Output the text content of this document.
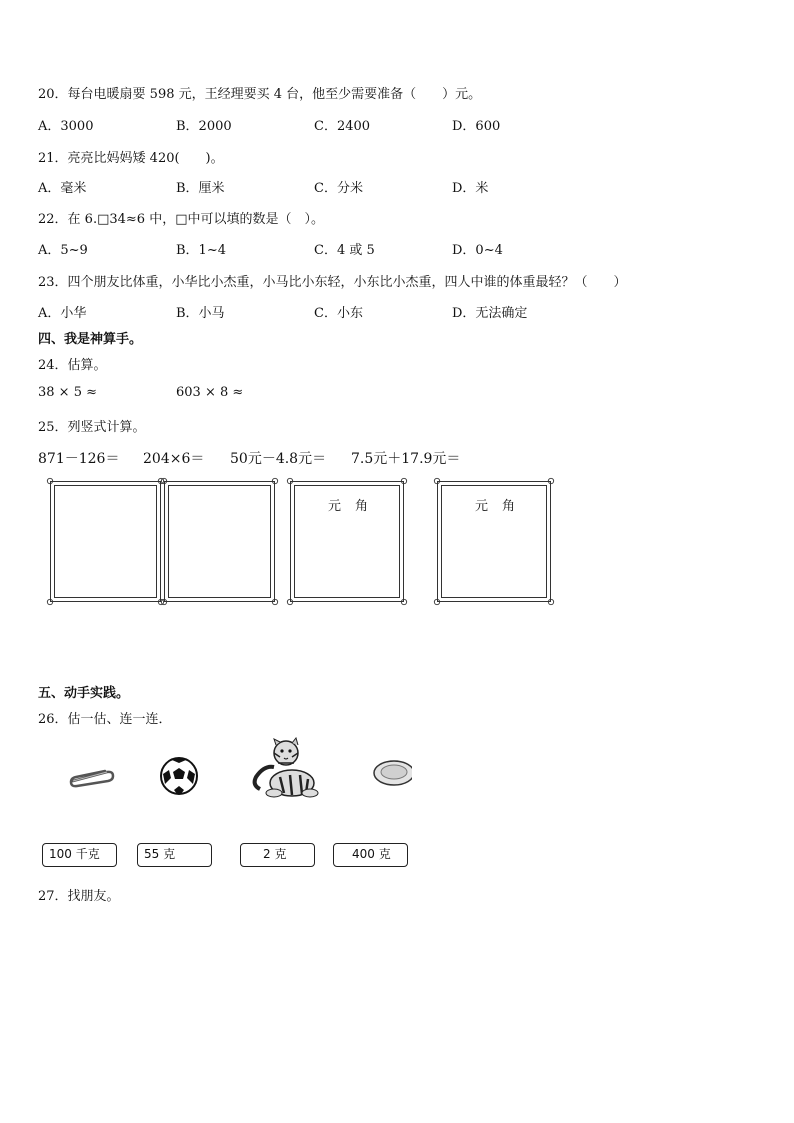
20．每台电暖扇要 598 元，王经理要买 4 台，他至少需要准备（　　）元。
A．3000	B．2000	C．2400	D．600
21．亮亮比妈妈矮 420(　　)。
A．毫米	B．厘米	C．分米	D．米
22．在 6.□34≈6 中，□中可以填的数是（　）。
A．5~9	B．1~4	C．4 或 5	D．0~4
23．四个朋友比体重，小华比小杰重，小马比小东轻，小东比小杰重，四人中谁的体重最轻？（　　）
A．小华	B．小马	C．小东	D．无法确定
四、我是神算手。
24．估算。
38 × 5 ≈	603 × 8 ≈
25．列竖式计算。
871－126＝ 204×6＝ 50元－4.8元＝ 7.5元＋17.9元＝
元 角	元 角
五、动手实践。
26．估一估、连一连．
100 千克	55 克	2 克	400 克
27．找朋友。
